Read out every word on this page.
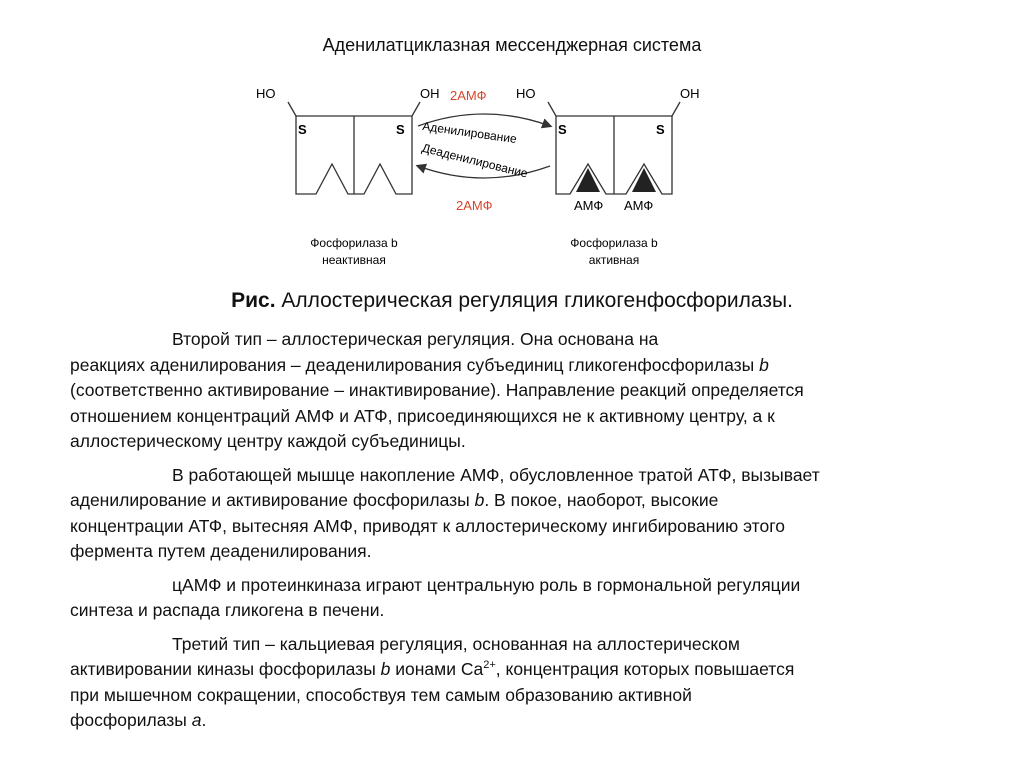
Аденилатциклазная мессенджерная система
HO	OH
S	S
Фосфорилаза b
неактивная
2АМФ
Аденилирование
Деаденилирование
2АМФ
HO	OH
S	S
АМФ АМФ
Фосфорилаза b
активная
Рис. Аллостерическая регуляция гликогенфосфорилазы.
Второй тип – аллостерическая регуляция. Она основана на
реакциях аденилирования – деаденилирования субъединиц гликогенфосфорилазы b
(соответственно активирование – инактивирование). Направление реакций определяется
отношением концентраций АМФ и АТФ, присоединяющихся не к активному центру, а к
аллостерическому центру каждой субъединицы.
В работающей мышце накопление АМФ, обусловленное тратой АТФ, вызывает
аденилирование и активирование фосфорилазы b. В покое, наоборот, высокие
концентрации АТФ, вытесняя АМФ, приводят к аллостерическому ингибированию этого
фермента путем деаденилирования.
цАМФ и протеинкиназа играют центральную роль в гормональной регуляции
синтеза и распада гликогена в печени.
Третий тип – кальциевая регуляция, основанная на аллостерическом
активировании киназы фосфорилазы b ионами $Ca^{2+}$, концентрация которых повышается
при мышечном сокращении, способствуя тем самым образованию активной
фосфорилазы a.
